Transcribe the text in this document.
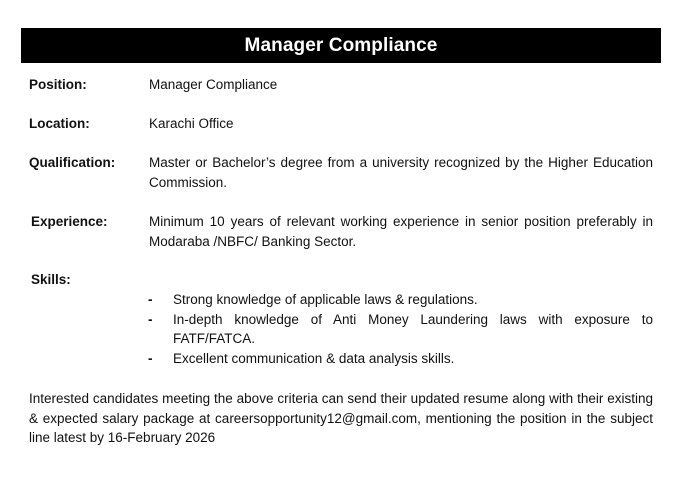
Manager Compliance
Position:	Manager Compliance
Location:	Karachi Office
Qualification:	Master or Bachelor’s degree from a university recognized by the Higher Education Commission.
Experience:	Minimum 10 years of relevant working experience in senior position preferably in Modaraba /NBFC/ Banking Sector.
Skills:
- Strong knowledge of applicable laws & regulations.
- In-depth knowledge of Anti Money Laundering laws with exposure to FATF/FATCA.
- Excellent communication & data analysis skills.
Interested candidates meeting the above criteria can send their updated resume along with their existing & expected salary package at careersopportunity12@gmail.com, mentioning the position in the subject line latest by 16-February 2026
